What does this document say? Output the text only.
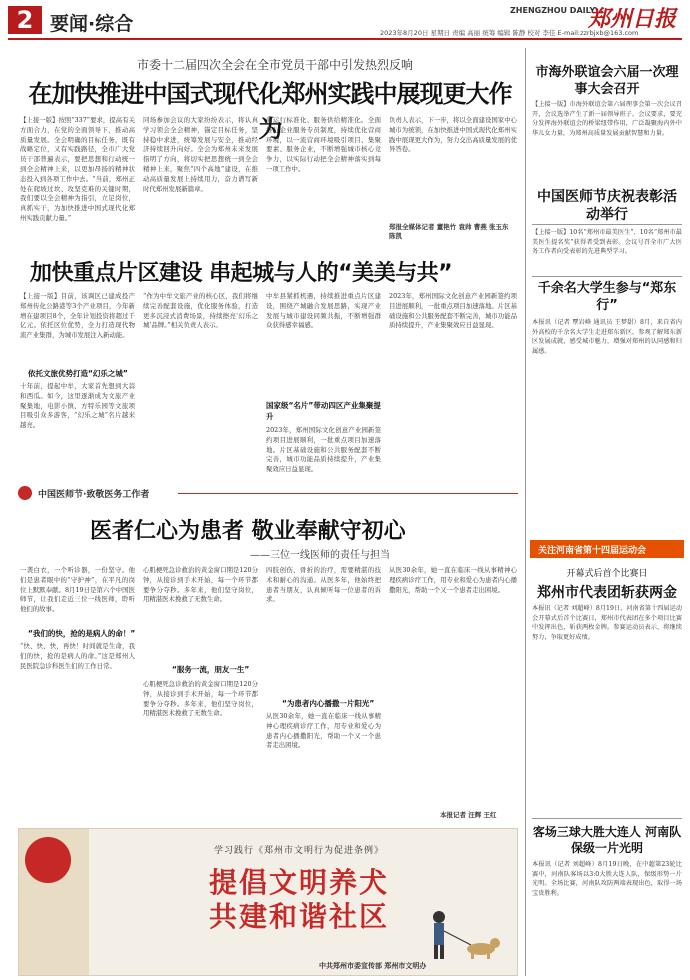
2 要闻·综合
ZHENGZHOU DAILY
郑州日报
2023年8月20日 星期日 责编 高丽 统筹 编辑 陈静 校对 李佳 E-mail:zzrbjxb@163.com
市委十二届四次全会在全市党员干部中引发热烈反响
在加快推进中国式现代化郑州实践中展现更大作为
【上接一版】按照“337”要求，提高有关方面合力，在党的全面领导下，推动高质量发展。全会明确的目标任务，既有战略定位，又有实践路径，全市广大党员干部普遍表示，要把思想和行动统一到全会精神上来，以更加昂扬的精神状态投入到各项工作中去。“当前，郑州正处在爬坡过坎、攻坚克难的关键时期，我们要以全会精神为指引，立足岗位，真抓实干，为加快推进中国式现代化郑州实践贡献力量。”
同场参加会议的大家纷纷表示，将认真学习领会全会精神，锚定目标任务，坚持稳中求进，统筹发展与安全，推动经济持续回升向好。全会为郑州未来发展指明了方向，将切实把思想统一到全会精神上来，聚焦“四个高地”建设，在推动高质量发展上持续用力，奋力谱写新时代郑州发展新篇章。
务运行标准化、服务供给精准化。全面推行企业服务专员制度，持续优化营商环境，以一流营商环境吸引项目、集聚要素、服务企业，不断增强城市核心竞争力，以实际行动把全会精神落实到每一项工作中。
负责人表示，下一步，将以全面建设国家中心城市为统领，在加快推进中国式现代化郑州实践中展现更大作为，努力交出高质量发展的优异答卷。
郑报全媒体记者 董艳竹 袁帅 曹燕 张玉东 陈凯
加快重点片区建设 串起城与人的“美美与共”
【上接一版】目前，该调区已建成投产郑州传化公路港等3个产业项目，今年新增在建项目8个，全年计划投资将超过千亿元。依托区位优势，全力打造现代物流产业集群，为城市发展注入新动能。
依托文旅优势打造“幻乐之城”
十年前，提起中牟，大家首先想到大蒜和西瓜。如今，这里逐渐成为文旅产业聚集地，电影小镇、方特乐园等文旅项目吸引众多游客，“幻乐之城”名片越来越亮。
“作为中牟文旅产业的核心区，我们将继续完善配套设施，优化服务体验，打造更多沉浸式消费场景，持续擦亮‘幻乐之城’品牌。”相关负责人表示。
中牟县紧抓机遇，持续推进重点片区建设，围绕产城融合发展思路，实现产业发展与城市建设同频共振，不断增强群众获得感幸福感。
国家级“名片”带动四区产业集聚提升
2023年，郑州国际文化创意产业园新签约项目进展顺利，一批重点项目加速落地。片区基础设施和公共服务配套不断完善，城市功能品质持续提升，产业集聚效应日益显现。
2023年，郑州国际文化创意产业园新签约项目进展顺利，一批重点项目加速落地。片区基础设施和公共服务配套不断完善，城市功能品质持续提升，产业集聚效应日益显现。
中国医师节·致敬医务工作者
医者仁心为患者 敬业奉献守初心
——三位一线医师的责任与担当
一袭白衣，一个听诊器，一份坚守。他们是患者眼中的“守护神”，在平凡的岗位上默默奉献。8月19日是第六个中国医师节，让我们走近三位一线医师，聆听他们的故事。
“我们的快，抢的是病人的命！”
“快、快、快，再快！时间就是生命，我们的快，抢的是病人的命。”这是郑州人民医院急诊科医生们的工作日常。
心肌梗死急诊救治的黄金窗口期是120分钟，从接诊到手术开始，每一个环节都要争分夺秒。多年来，他们坚守岗位，用精湛医术挽救了无数生命。
“服务一流，朋友一生”
心肌梗死急诊救治的黄金窗口期是120分钟，从接诊到手术开始，每一个环节都要争分夺秒。多年来，他们坚守岗位，用精湛医术挽救了无数生命。
四肢创伤、骨折的治疗，需要精湛的技术和耐心的沟通。从医多年，他始终把患者当朋友，认真倾听每一位患者的诉求。
“为患者内心播撒一片阳光”
从医30余年，她一直在临床一线从事精神心理疾病诊疗工作，用专业和爱心为患者内心播撒阳光，帮助一个又一个患者走出困境。
从医30余年，她一直在临床一线从事精神心理疾病诊疗工作，用专业和爱心为患者内心播撒阳光，帮助一个又一个患者走出困境。
本报记者 汪辉 王红
学习践行《郑州市文明行为促进条例》
提倡文明养犬
共建和谐社区
中共郑州市委宣传部 郑州市文明办
市海外联谊会六届一次理事大会召开
【上接一版】市海外联谊会第六届理事会第一次会议召开，会议选举产生了新一届领导班子。会议要求，要充分发挥海外联谊会的桥梁纽带作用，广泛凝聚海内外中华儿女力量，为郑州高质量发展贡献智慧和力量。
中国医师节庆祝表彰活动举行
【上接一版】10名“郑州市最美医生”、10名“郑州市最美医生提名奖”获得者受到表彰。会议号召全市广大医务工作者向受表彰的先进典型学习。
千余名大学生参与“郑东行”
本报讯（记者 覃岩峰 通讯员 王梦甜）8月，来自省内外高校的千余名大学生走进郑东新区，参观了解郑东新区发展成就，感受城市魅力，增强对郑州的认同感和归属感。
关注河南省第十四届运动会
开幕式后首个比赛日
郑州市代表团斩获两金
本报讯（记者 刘超峰）8月19日，河南省第十四届运动会开幕式后首个比赛日，郑州市代表团在多个项目比赛中发挥出色，斩获两枚金牌。参赛运动员表示，将继续努力，争取更好成绩。
客场三球大胜大连人 河南队保级一片光明
本报讯（记者 刘超峰）8月19日晚，在中超第23轮比赛中，河南队客场以3:0大胜大连人队，保级形势一片光明。全场比赛，河南队攻防两端表现出色，取得一场宝贵胜利。
